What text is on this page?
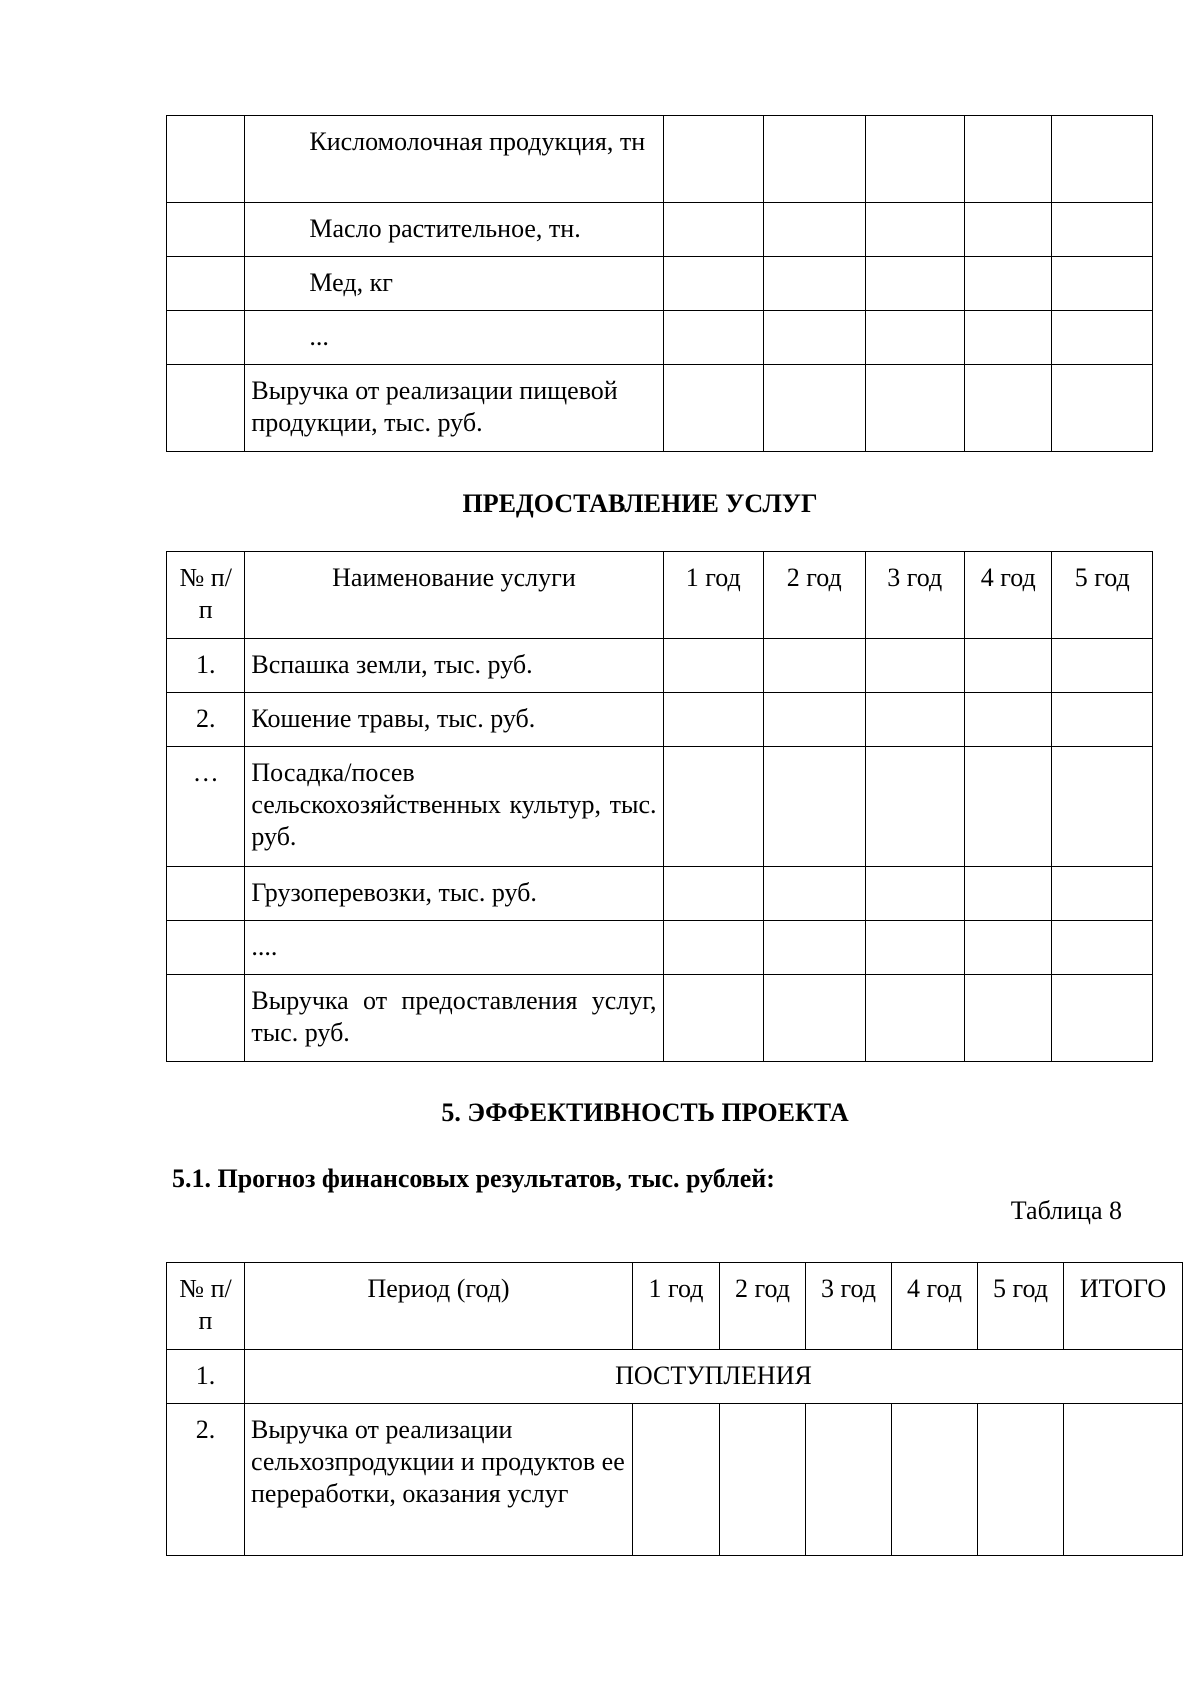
	Кисломолочная продукция, тн					
	Масло растительное, тн.					
	Мед, кг					
	...					
	Выручка от реализации пищевой продукции, тыс. руб.					
ПРЕДОСТАВЛЕНИЕ УСЛУГ
№ п/п	Наименование услуги	1 год	2 год	3 год	4 год	5 год
1.	Вспашка земли, тыс. руб.					
2.	Кошение травы, тыс. руб.					
…	Посадка/посев сельскохозяйственных культур, тыс. руб.					
	Грузоперевозки, тыс. руб.					
	....					
	Выручка от предоставления услуг, тыс. руб.					
5. ЭФФЕКТИВНОСТЬ ПРОЕКТА
5.1. Прогноз финансовых результатов, тыс. рублей:
Таблица 8
№ п/п	Период (год)	1 год	2 год	3 год	4 год	5 год	ИТОГО
1.	ПОСТУПЛЕНИЯ						
2.	Выручка от реализации сельхозпродукции и продуктов ее переработки, оказания услуг						
